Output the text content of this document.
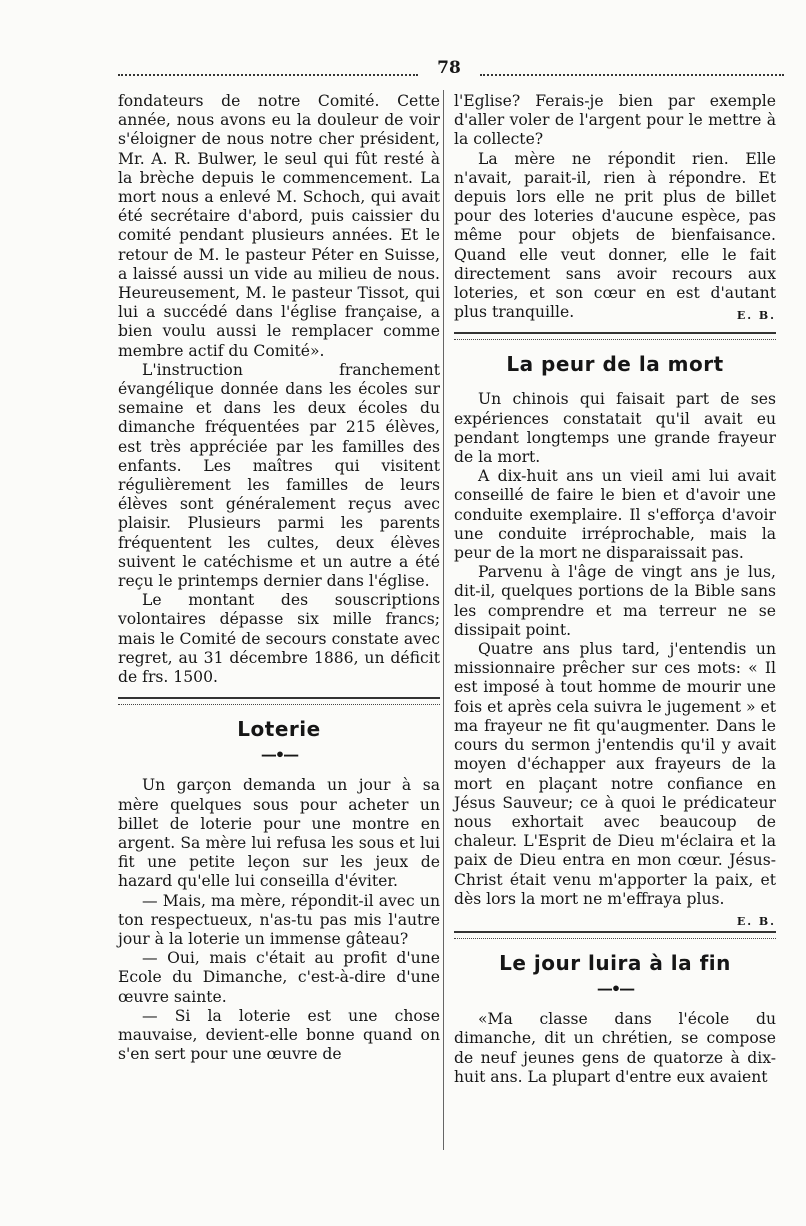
78

fondateurs de notre Comité. Cette année, nous avons eu la douleur de voir s'éloigner de nous notre cher président, Mr. A. R. Bulwer, le seul qui fût resté à la brèche depuis le commencement. La mort nous a enlevé M. Schoch, qui avait été secrétaire d'abord, puis caissier du comité pendant plusieurs années. Et le retour de M. le pasteur Péter en Suisse, a laissé aussi un vide au milieu de nous. Heureusement, M. le pasteur Tissot, qui lui a succédé dans l'église française, a bien voulu aussi le remplacer comme membre actif du Comité».

L'instruction franchement évangélique donnée dans les écoles sur semaine et dans les deux écoles du dimanche fréquentées par 215 élèves, est très appréciée par les familles des enfants. Les maîtres qui visitent régulièrement les familles de leurs élèves sont généralement reçus avec plaisir. Plusieurs parmi les parents fréquentent les cultes, deux élèves suivent le catéchisme et un autre a été reçu le printemps dernier dans l'église.

Le montant des souscriptions volontaires dépasse six mille francs; mais le Comité de secours constate avec regret, au 31 décembre 1886, un déficit de frs. 1500.

Loterie
—•—

Un garçon demanda un jour à sa mère quelques sous pour acheter un billet de loterie pour une montre en argent. Sa mère lui refusa les sous et lui fit une petite leçon sur les jeux de hazard qu'elle lui conseilla d'éviter.

— Mais, ma mère, répondit-il avec un ton respectueux, n'as-tu pas mis l'autre jour à la loterie un immense gâteau?

— Oui, mais c'était au profit d'une Ecole du Dimanche, c'est-à-dire d'une œuvre sainte.

— Si la loterie est une chose mauvaise, devient-elle bonne quand on s'en sert pour une œuvre de

l'Eglise? Ferais-je bien par exemple d'aller voler de l'argent pour le mettre à la collecte?

La mère ne répondit rien. Elle n'avait, parait-il, rien à répondre. Et depuis lors elle ne prit plus de billet pour des loteries d'aucune espèce, pas même pour objets de bienfaisance. Quand elle veut donner, elle le fait directement sans avoir recours aux loteries, et son cœur en est d'autant plus tranquille.	E. B.

La peur de la mort

Un chinois qui faisait part de ses expériences constatait qu'il avait eu pendant longtemps une grande frayeur de la mort.

A dix-huit ans un vieil ami lui avait conseillé de faire le bien et d'avoir une conduite exemplaire. Il s'efforça d'avoir une conduite irréprochable, mais la peur de la mort ne disparaissait pas.

Parvenu à l'âge de vingt ans je lus, dit-il, quelques portions de la Bible sans les comprendre et ma terreur ne se dissipait point.

Quatre ans plus tard, j'entendis un missionnaire prêcher sur ces mots: « Il est imposé à tout homme de mourir une fois et après cela suivra le jugement » et ma frayeur ne fit qu'augmenter. Dans le cours du sermon j'entendis qu'il y avait moyen d'échapper aux frayeurs de la mort en plaçant notre confiance en Jésus Sauveur; ce à quoi le prédicateur nous exhortait avec beaucoup de chaleur. L'Esprit de Dieu m'éclaira et la paix de Dieu entra en mon cœur. Jésus-Christ était venu m'apporter la paix, et dès lors la mort ne m'effraya plus.
E. B.

Le jour luira à la fin
—•—

«Ma classe dans l'école du dimanche, dit un chrétien, se compose de neuf jeunes gens de quatorze à dix-huit ans. La plupart d'entre eux avaient
